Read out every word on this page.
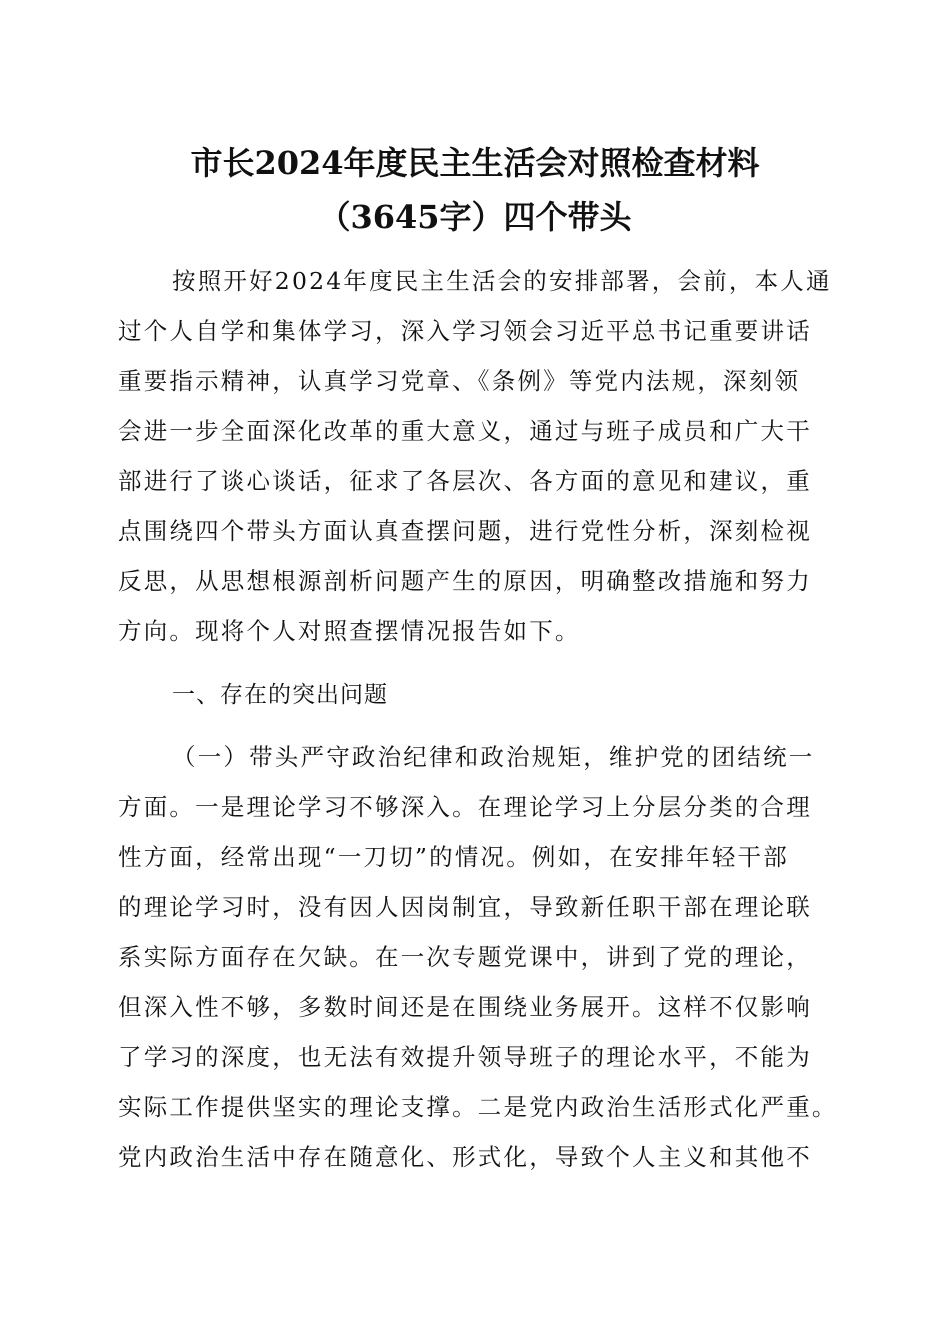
市长2024年度民主生活会对照检查材料
（3645字）四个带头
按照开好2024年度民主生活会的安排部署，会前，本人通
过个人自学和集体学习，深入学习领会习近平总书记重要讲话
重要指示精神，认真学习党章、《条例》等党内法规，深刻领
会进一步全面深化改革的重大意义，通过与班子成员和广大干
部进行了谈心谈话，征求了各层次、各方面的意见和建议，重
点围绕四个带头方面认真查摆问题，进行党性分析，深刻检视
反思，从思想根源剖析问题产生的原因，明确整改措施和努力
方向。现将个人对照查摆情况报告如下。
一、存在的突出问题
（一）带头严守政治纪律和政治规矩，维护党的团结统一
方面。一是理论学习不够深入。在理论学习上分层分类的合理
性方面，经常出现“一刀切”的情况。例如，在安排年轻干部
的理论学习时，没有因人因岗制宜，导致新任职干部在理论联
系实际方面存在欠缺。在一次专题党课中，讲到了党的理论，
但深入性不够，多数时间还是在围绕业务展开。这样不仅影响
了学习的深度，也无法有效提升领导班子的理论水平，不能为
实际工作提供坚实的理论支撑。二是党内政治生活形式化严重。
党内政治生活中存在随意化、形式化，导致个人主义和其他不
